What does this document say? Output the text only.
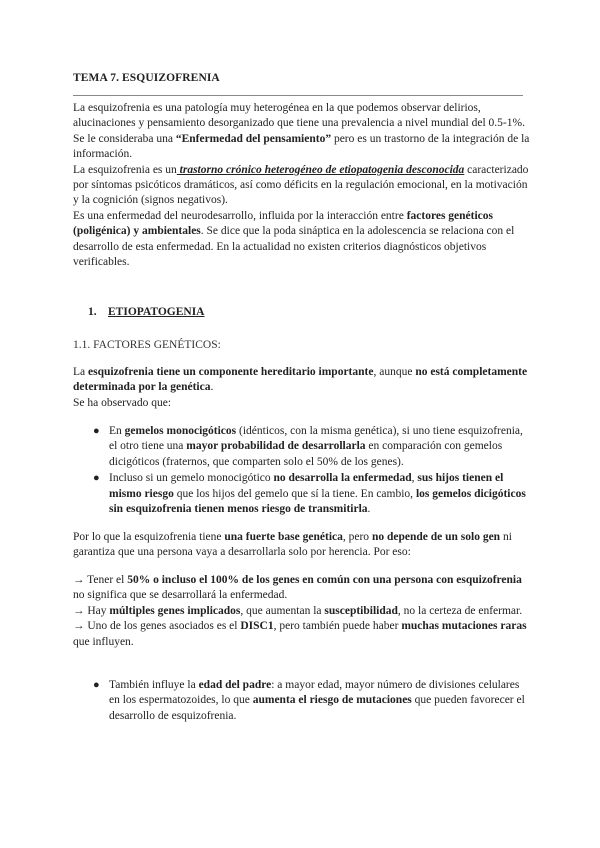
TEMA 7. ESQUIZOFRENIA

La esquizofrenia es una patología muy heterogénea en la que podemos observar delirios, alucinaciones y pensamiento desorganizado que tiene una prevalencia a nivel mundial del 0.5-1%.

Se le consideraba una “Enfermedad del pensamiento” pero es un trastorno de la integración de la información.

La esquizofrenia es un trastorno crónico heterogéneo de etiopatogenia desconocida caracterizado por síntomas psicóticos dramáticos, así como déficits en la regulación emocional, en la motivación y la cognición (signos negativos).

Es una enfermedad del neurodesarrollo, influida por la interacción entre factores genéticos (poligénica) y ambientales. Se dice que la poda sináptica en la adolescencia se relaciona con el desarrollo de esta enfermedad. En la actualidad no existen criterios diagnósticos objetivos verificables.

1. ETIOPATOGENIA
1.1. FACTORES GENÉTICOS:

La esquizofrenia tiene un componente hereditario importante, aunque no está completamente determinada por la genética.

Se ha observado que:

● En gemelos monocigóticos (idénticos, con la misma genética), si uno tiene esquizofrenia, el otro tiene una mayor probabilidad de desarrollarla en comparación con gemelos dicigóticos (fraternos, que comparten solo el 50% de los genes).
● Incluso si un gemelo monocigótico no desarrolla la enfermedad, sus hijos tienen el mismo riesgo que los hijos del gemelo que sí la tiene. En cambio, los gemelos dicigóticos sin esquizofrenia tienen menos riesgo de transmitirla.

Por lo que la esquizofrenia tiene una fuerte base genética, pero no depende de un solo gen ni garantiza que una persona vaya a desarrollarla solo por herencia. Por eso:

→ Tener el 50% o incluso el 100% de los genes en común con una persona con esquizofrenia no significa que se desarrollará la enfermedad.

→ Hay múltiples genes implicados, que aumentan la susceptibilidad, no la certeza de enfermar.

→ Uno de los genes asociados es el DISC1, pero también puede haber muchas mutaciones raras que influyen.

● También influye la edad del padre: a mayor edad, mayor número de divisiones celulares en los espermatozoides, lo que aumenta el riesgo de mutaciones que pueden favorecer el desarrollo de esquizofrenia.
